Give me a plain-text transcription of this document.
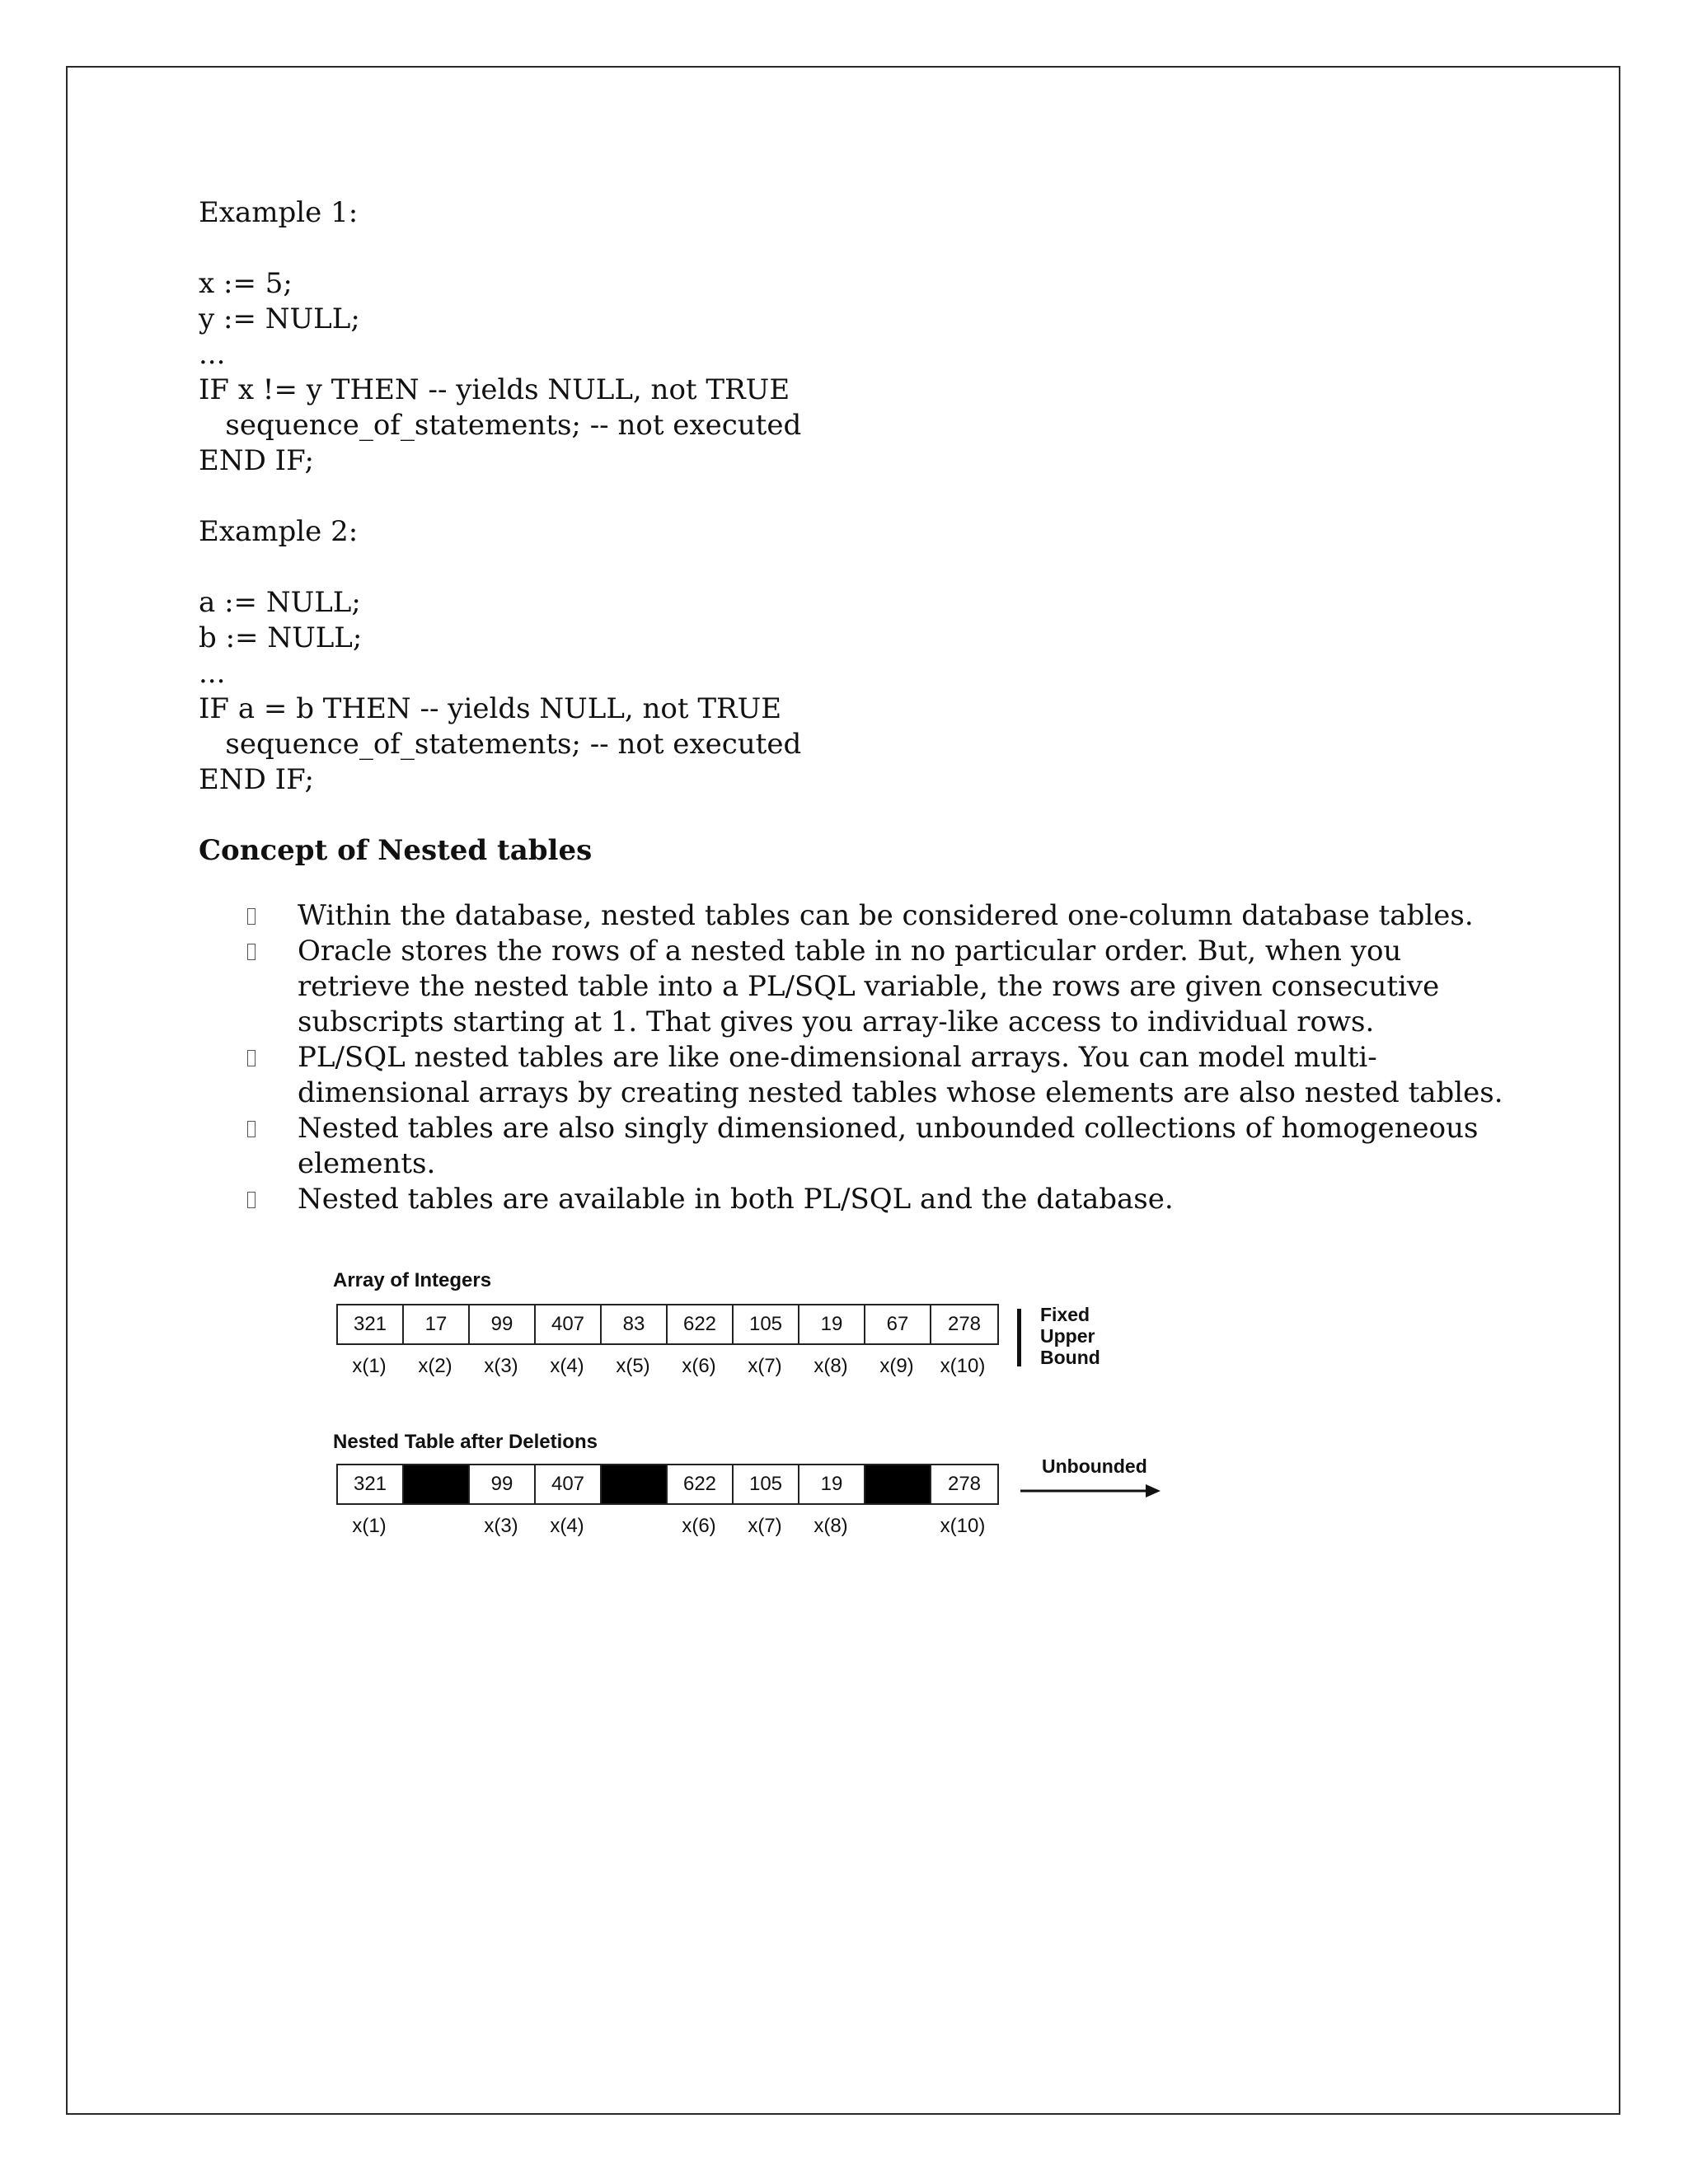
Example 1:

x := 5;

y := NULL;

...

IF x != y THEN -- yields NULL, not TRUE

sequence_of_statements; -- not executed

END IF;

Example 2:

a := NULL;

b := NULL;

...

IF a = b THEN -- yields NULL, not TRUE

sequence_of_statements; -- not executed

END IF;

Concept of Nested tables

Within the database, nested tables can be considered one-column database tables.
Oracle stores the rows of a nested table in no particular order. But, when you retrieve the nested table into a PL/SQL variable, the rows are given consecutive subscripts starting at 1. That gives you array-like access to individual rows.
PL/SQL nested tables are like one-dimensional arrays. You can model multi-dimensional arrays by creating nested tables whose elements are also nested tables.
Nested tables are also singly dimensioned, unbounded collections of homogeneous elements.
Nested tables are available in both PL/SQL and the database.
Array of Integers
321	17	99	407	83	622	105	19	67	278
x(1)	x(2)	x(3)	x(4)	x(5)	x(6)	x(7)	x(8)	x(9)	x(10)
Fixed
Upper
Bound
Nested Table after Deletions
321	99	407	622	105	19	278
x(1)	x(3)	x(4)	x(6)	x(7)	x(8)	x(10)
Unbounded
